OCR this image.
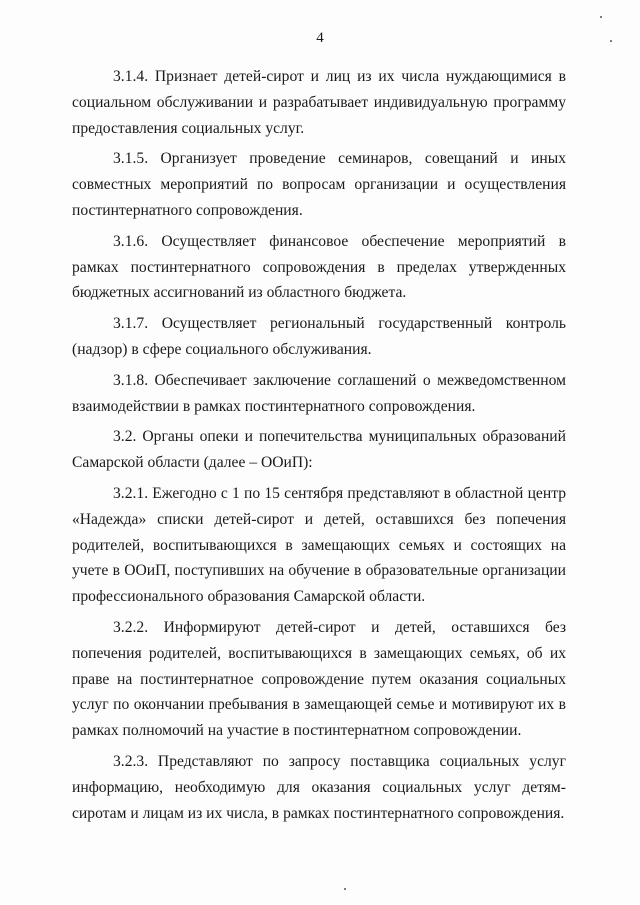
4

3.1.4. Признает детей-сирот и лиц из их числа нуждающимися в социальном обслуживании и разрабатывает индивидуальную программу предоставления социальных услуг.

3.1.5. Организует проведение семинаров, совещаний и иных совместных мероприятий по вопросам организации и осуществления постинтернатного сопровождения.

3.1.6. Осуществляет финансовое обеспечение мероприятий в рамках постинтернатного сопровождения в пределах утвержденных бюджетных ассигнований из областного бюджета.

3.1.7. Осуществляет региональный государственный контроль (надзор) в сфере социального обслуживания.

3.1.8. Обеспечивает заключение соглашений о межведомственном взаимодействии в рамках постинтернатного сопровождения.

3.2. Органы опеки и попечительства муниципальных образований Самарской области (далее – ООиП):

3.2.1. Ежегодно с 1 по 15 сентября представляют в областной центр «Надежда» списки детей-сирот и детей, оставшихся без попечения родителей, воспитывающихся в замещающих семьях и состоящих на учете в ООиП, поступивших на обучение в образовательные организации профессионального образования Самарской области.

3.2.2. Информируют детей-сирот и детей, оставшихся без попечения родителей, воспитывающихся в замещающих семьях, об их праве на постинтернатное сопровождение путем оказания социальных услуг по окончании пребывания в замещающей семье и мотивируют их в рамках полномочий на участие в постинтернатном сопровождении.

3.2.3. Представляют по запросу поставщика социальных услуг информацию, необходимую для оказания социальных услуг детям-сиротам и лицам из их числа, в рамках постинтернатного сопровождения.
